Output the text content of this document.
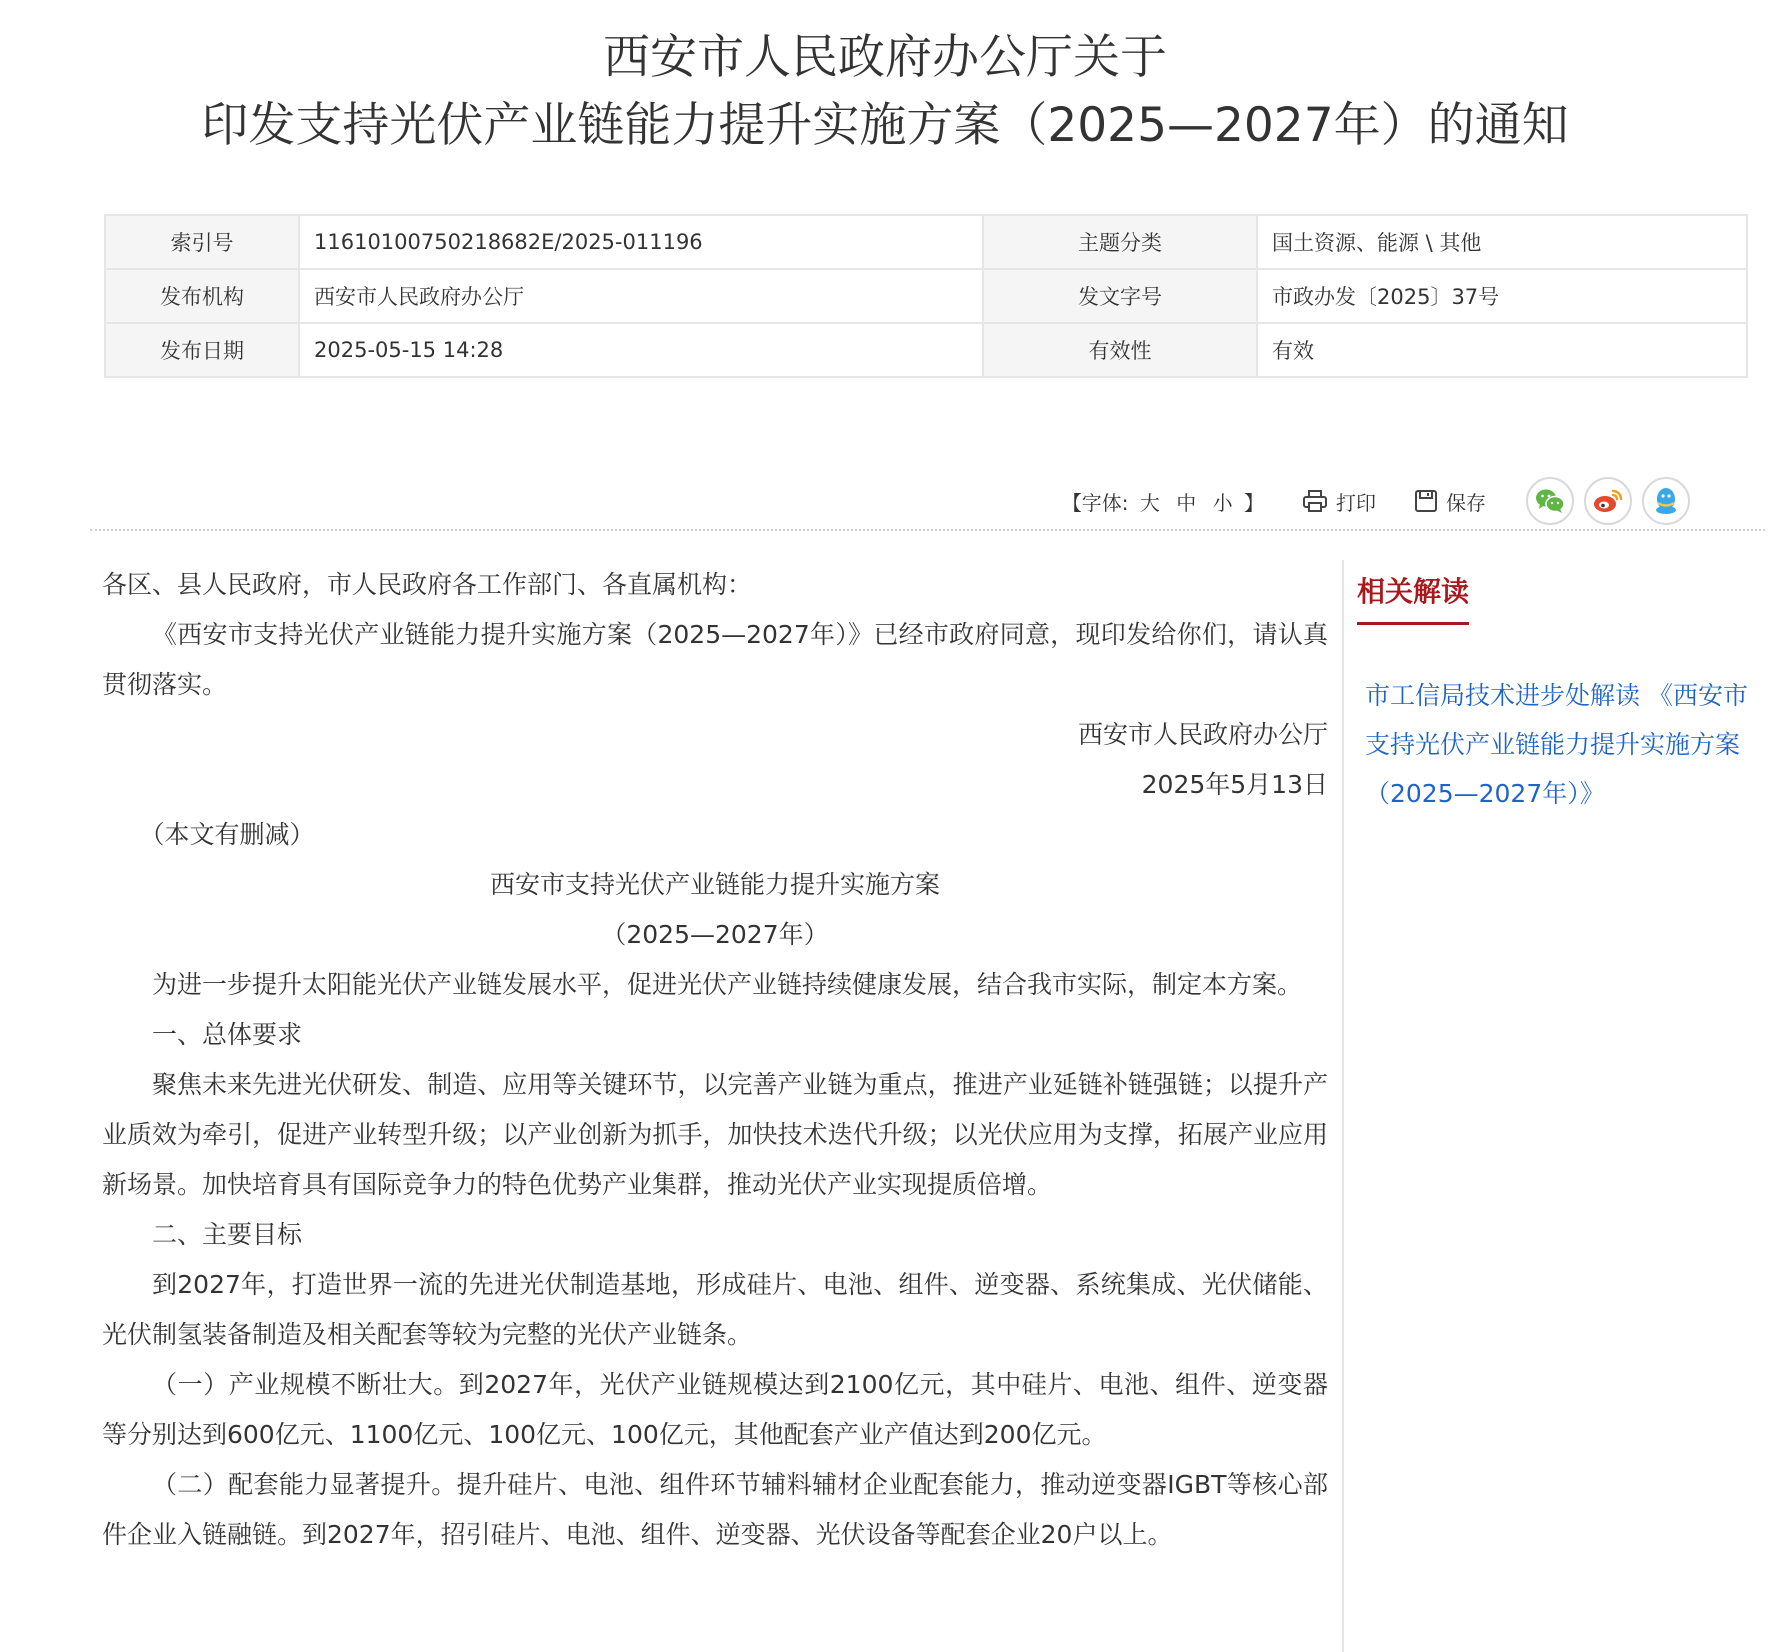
西安市人民政府办公厅关于
印发支持光伏产业链能力提升实施方案（2025—2027年）的通知
索引号	11610100750218682E/2025-011196	主题分类	国土资源、能源 \ 其他
发布机构	西安市人民政府办公厅	发文字号	市政办发〔2025〕37号
发布日期	2025-05-15 14:28	有效性	有效
【字体: 大 中 小 】	打印	保存

各区、县人民政府，市人民政府各工作部门、各直属机构：

《西安市支持光伏产业链能力提升实施方案（2025—2027年）》已经市政府同意，现印发给你们，请认真贯彻落实。

西安市人民政府办公厅

2025年5月13日

（本文有删减）

西安市支持光伏产业链能力提升实施方案

（2025—2027年）

为进一步提升太阳能光伏产业链发展水平，促进光伏产业链持续健康发展，结合我市实际，制定本方案。

一、总体要求

聚焦未来先进光伏研发、制造、应用等关键环节，以完善产业链为重点，推进产业延链补链强链；以提升产业质效为牵引，促进产业转型升级；以产业创新为抓手，加快技术迭代升级；以光伏应用为支撑，拓展产业应用新场景。加快培育具有国际竞争力的特色优势产业集群，推动光伏产业实现提质倍增。

二、主要目标

到2027年，打造世界一流的先进光伏制造基地，形成硅片、电池、组件、逆变器、系统集成、光伏储能、光伏制氢装备制造及相关配套等较为完整的光伏产业链条。

（一）产业规模不断壮大。到2027年，光伏产业链规模达到2100亿元，其中硅片、电池、组件、逆变器等分别达到600亿元、1100亿元、100亿元、100亿元，其他配套产业产值达到200亿元。

（二）配套能力显著提升。提升硅片、电池、组件环节辅料辅材企业配套能力，推动逆变器IGBT等核心部件企业入链融链。到2027年，招引硅片、电池、组件、逆变器、光伏设备等配套企业20户以上。

相关解读
市工信局技术进步处解读 《西安市支持光伏产业链能力提升实施方案（2025—2027年）》
